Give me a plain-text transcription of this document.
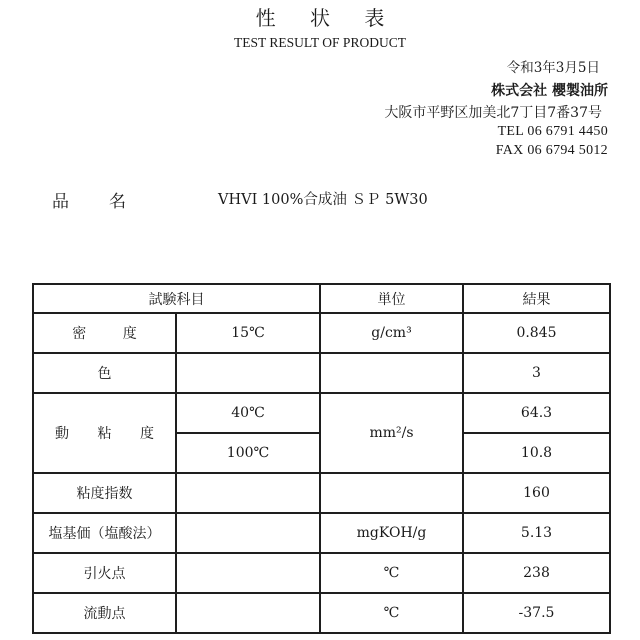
性 状 表
TEST RESULT OF PRODUCT
令和3年3月5日
株式会社 櫻製油所
大阪市平野区加美北7丁目7番37号
TEL 06 6791 4450
FAX 06 6794 5012
品名	VHVI 100%合成油 ＳＰ 5W30
試験科目		単位	結果
密 度	15℃	g/cm³	0.845
色			3
動 粘 度	40℃	mm²/s	64.3
	100℃		10.8
粘度指数			160
塩基価（塩酸法）		mgKOH/g	5.13
引火点		℃	238
流動点		℃	-37.5
